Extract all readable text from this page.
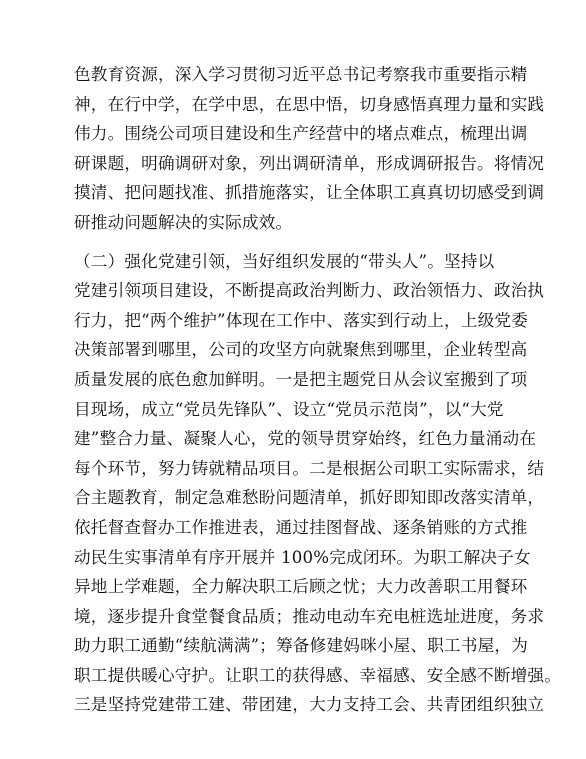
色教育资源，深入学习贯彻习近平总书记考察我市重要指示精
神，在行中学，在学中思，在思中悟，切身感悟真理力量和实践
伟力。围绕公司项目建设和生产经营中的堵点难点，梳理出调
研课题，明确调研对象，列出调研清单，形成调研报告。将情况
摸清、把问题找准、抓措施落实，让全体职工真真切切感受到调
研推动问题解决的实际成效。
（二）强化党建引领，当好组织发展的“带头人”。坚持以
党建引领项目建设，不断提高政治判断力、政治领悟力、政治执
行力，把“两个维护”体现在工作中、落实到行动上，上级党委
决策部署到哪里，公司的攻坚方向就聚焦到哪里，企业转型高
质量发展的底色愈加鲜明。一是把主题党日从会议室搬到了项
目现场，成立“党员先锋队”、设立“党员示范岗”，以“大党
建”整合力量、凝聚人心，党的领导贯穿始终，红色力量涌动在
每个环节，努力铸就精品项目。二是根据公司职工实际需求，结
合主题教育，制定急难愁盼问题清单，抓好即知即改落实清单，
依托督查督办工作推进表，通过挂图督战、逐条销账的方式推
动民生实事清单有序开展并 100%完成闭环。为职工解决子女
异地上学难题，全力解决职工后顾之忧；大力改善职工用餐环
境，逐步提升食堂餐食品质；推动电动车充电桩选址进度，务求
助力职工通勤“续航满满”；筹备修建妈咪小屋、职工书屋，为
职工提供暖心守护。让职工的获得感、幸福感、安全感不断增强。
三是坚持党建带工建、带团建，大力支持工会、共青团组织独立
